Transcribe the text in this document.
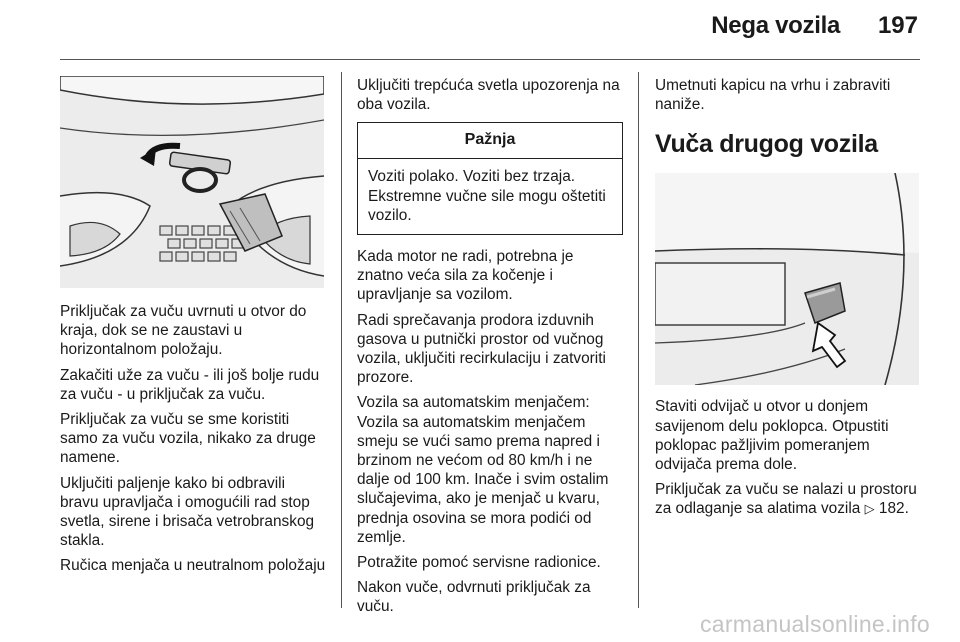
Nega vozila 197

Priključak za vuču uvrnuti u otvor do kraja, dok se ne zaustavi u horizontalnom položaju.

Zakačiti uže za vuču - ili još bolje rudu za vuču - u priključak za vuču.

Priključak za vuču se sme koristiti samo za vuču vozila, nikako za druge namene.

Uključiti paljenje kako bi odbravili bravu upravljača i omogućili rad stop svetla, sirene i brisača vetrobranskog stakla.

Ručica menjača u neutralnom položaju

Uključiti trepćuća svetla upozorenja na oba vozila.

Pažnja
Voziti polako. Voziti bez trzaja. Ekstremne vučne sile mogu oštetiti vozilo.

Kada motor ne radi, potrebna je znatno veća sila za kočenje i upravljanje sa vozilom.

Radi sprečavanja prodora izduvnih gasova u putnički prostor od vučnog vozila, uključiti recirkulaciju i zatvoriti prozore.

Vozila sa automatskim menjačem: Vozila sa automatskim menjačem smeju se vući samo prema napred i brzinom ne većom od 80 km/h i ne dalje od 100 km. Inače i svim ostalim slučajevima, ako je menjač u kvaru, prednja osovina se mora podići od zemlje.

Potražite pomoć servisne radionice.

Nakon vuče, odvrnuti priključak za vuču.

Umetnuti kapicu na vrhu i zabraviti naniže.

Vuča drugog vozila

Staviti odvijač u otvor u donjem savijenom delu poklopca. Otpustiti poklopac pažljivim pomeranjem odvijača prema dole.

Priključak za vuču se nalazi u prostoru za odlaganje sa alatima vozila ▷ 182.

carmanualsonline.info
